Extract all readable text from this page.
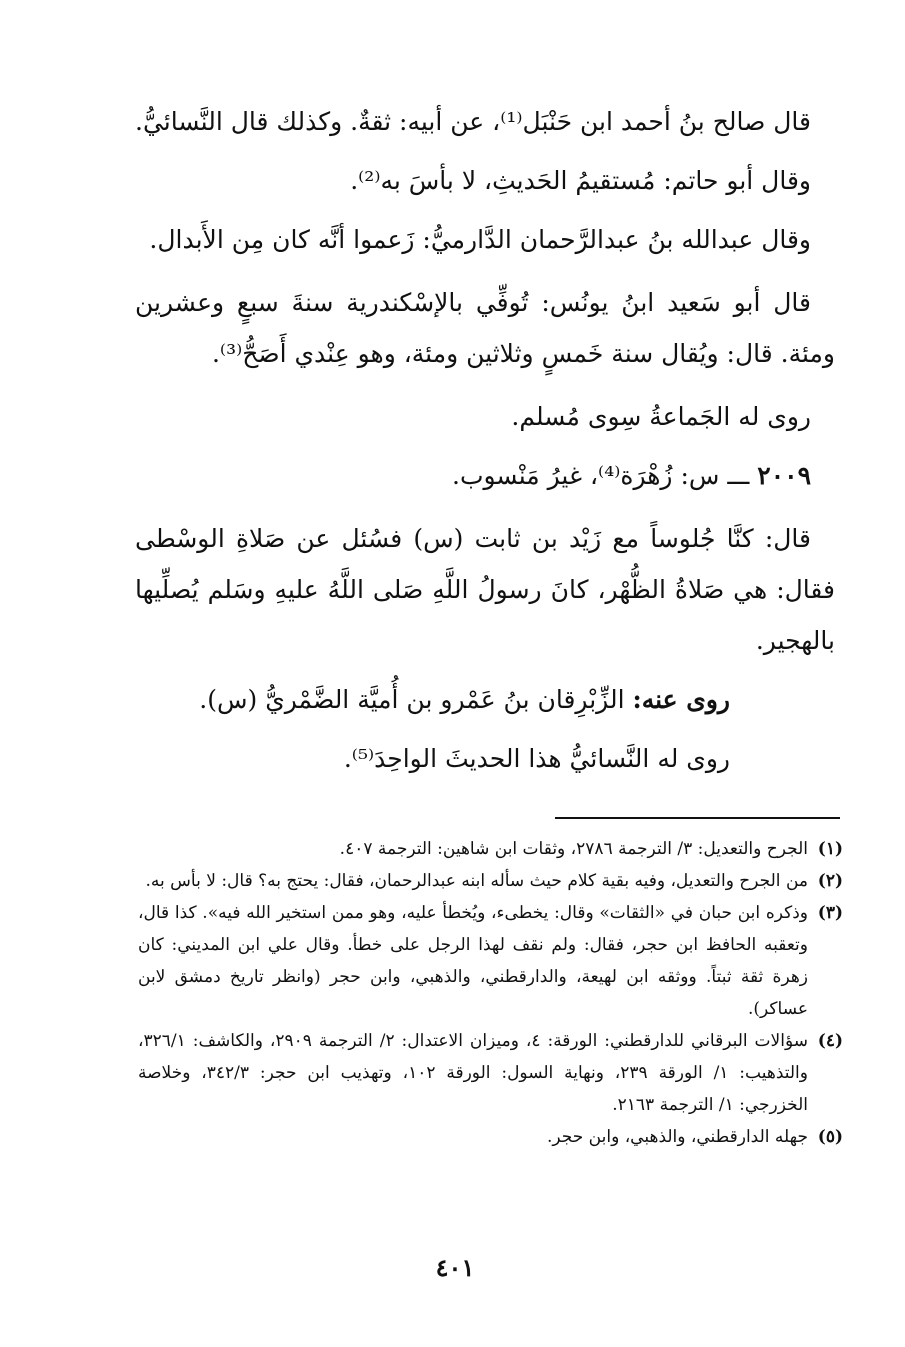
قال صالح بنُ أحمد ابن حَنْبَل⁽¹⁾، عن أبيه: ثقةٌ. وكذلك قال النَّسائيُّ.

وقال أبو حاتم: مُستقيمُ الحَديثِ، لا بأسَ به⁽²⁾.

وقال عبدالله بنُ عبدالرَّحمان الدَّارميُّ: زَعموا أنَّه كان مِن الأَبدال.

قال أبو سَعيد ابنُ يونُس: تُوفِّي بالإسْكندرية سنةَ سبعٍ وعشرين ومئة. قال: ويُقال سنة خَمسٍ وثلاثين ومئة، وهو عِنْدي أَصَحُّ⁽³⁾.

روى له الجَماعةُ سِوى مُسلم.

٢٠٠٩ ـــ س: زُهْرَة⁽⁴⁾، غيرُ مَنْسوب.

قال: كنَّا جُلوساً مع زَيْد بن ثابت (س) فسُئل عن صَلاةِ الوسْطى فقال: هي صَلاةُ الظُّهْر، كانَ رسولُ اللَّهِ صَلى اللَّهُ عليهِ وسَلم يُصلِّيها بالهجير.

روى عنه: الزِّبْرِقان بنُ عَمْرو بن أُميَّة الضَّمْريُّ (س).

روى له النَّسائيُّ هذا الحديثَ الواحِدَ⁽⁵⁾.

(١)
الجرح والتعديل: ٣/ الترجمة ٢٧٨٦، وثقات ابن شاهين: الترجمة ٤٠٧.
(٢)
من الجرح والتعديل، وفيه بقية كلام حيث سأله ابنه عبدالرحمان، فقال: يحتج به؟ قال: لا بأس به.
(٣)
وذكره ابن حبان في «الثقات» وقال: يخطىء، ويُخطأ عليه، وهو ممن استخير الله فيه». كذا قال، وتعقبه الحافظ ابن حجر، فقال: ولم نقف لهذا الرجل على خطأ. وقال علي ابن المديني: كان زهرة ثقة ثبتاً. ووثقه ابن لهيعة، والدارقطني، والذهبي، وابن حجر (وانظر تاريخ دمشق لابن عساكر).
(٤)
سؤالات البرقاني للدارقطني: الورقة: ٤، وميزان الاعتدال: ٢/ الترجمة ٢٩٠٩، والكاشف: ٣٢٦/١، والتذهيب: ١/ الورقة ٢٣٩، ونهاية السول: الورقة ١٠٢، وتهذيب ابن حجر: ٣٤٢/٣، وخلاصة الخزرجي: ١/ الترجمة ٢١٦٣.
(٥)
جهله الدارقطني، والذهبي، وابن حجر.
٤٠١
